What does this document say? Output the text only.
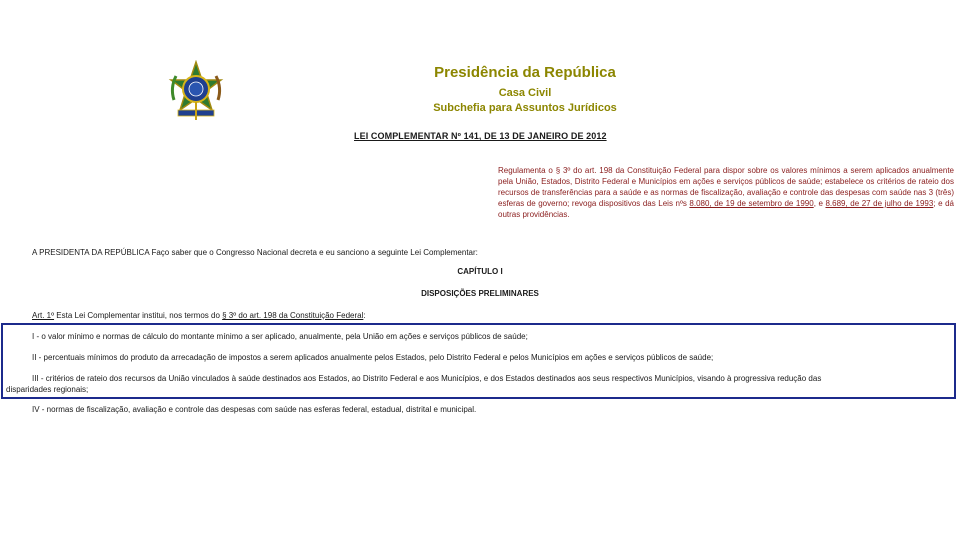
Presidência da República
Casa Civil
Subchefia para Assuntos Jurídicos
LEI COMPLEMENTAR Nº 141, DE 13 DE JANEIRO DE 2012

Regulamenta o § 3º do art. 198 da Constituição Federal para dispor sobre os valores mínimos a serem aplicados anualmente pela União, Estados, Distrito Federal e Municípios em ações e serviços públicos de saúde; estabelece os critérios de rateio dos recursos de transferências para a saúde e as normas de fiscalização, avaliação e controle das despesas com saúde nas 3 (três) esferas de governo; revoga dispositivos das Leis nºs 8.080, de 19 de setembro de 1990, e 8.689, de 27 de julho de 1993; e dá outras providências.

A PRESIDENTA DA REPÚBLICA Faço saber que o Congresso Nacional decreta e eu sanciono a seguinte Lei Complementar:
CAPÍTULO I
DISPOSIÇÕES PRELIMINARES
Art. 1º Esta Lei Complementar institui, nos termos do § 3º do art. 198 da Constituição Federal:
I - o valor mínimo e normas de cálculo do montante mínimo a ser aplicado, anualmente, pela União em ações e serviços públicos de saúde;
II - percentuais mínimos do produto da arrecadação de impostos a serem aplicados anualmente pelos Estados, pelo Distrito Federal e pelos Municípios em ações e serviços públicos de saúde;
III - critérios de rateio dos recursos da União vinculados à saúde destinados aos Estados, ao Distrito Federal e aos Municípios, e dos Estados destinados aos seus respectivos Municípios, visando à progressiva redução das
disparidades regionais;
IV - normas de fiscalização, avaliação e controle das despesas com saúde nas esferas federal, estadual, distrital e municipal.
